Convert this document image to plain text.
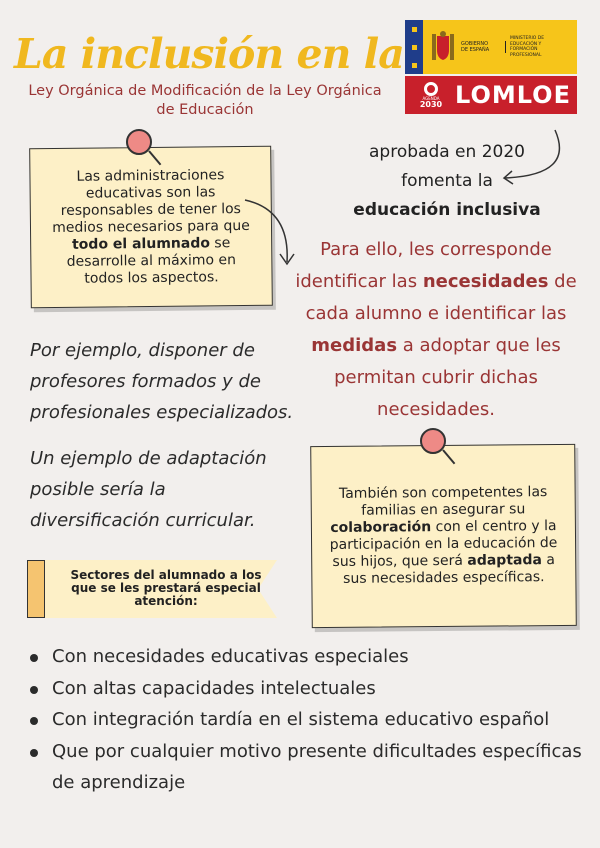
La inclusión en la
Ley Orgánica de Modificación de la Ley Orgánica de Educación
GOBIERNO
DE ESPAÑA
MINISTERIO DE EDUCACIÓN Y FORMACIÓN PROFESIONAL
AGENDA
2030 LOMLOE
Las administraciones educativas son las responsables de tener los medios necesarios para que todo el alumnado se desarrolle al máximo en todos los aspectos.
aprobada en 2020
fomenta la
educación inclusiva
Para ello, les corresponde identificar las necesidades de cada alumno e identificar las medidas a adoptar que les permitan cubrir dichas necesidades.
Por ejemplo, disponer de profesores formados y de profesionales especializados.
Un ejemplo de adaptación posible sería la diversificación curricular.
También son competentes las familias en asegurar su colaboración con el centro y la participación en la educación de sus hijos, que será adaptada a sus necesidades específicas.
Sectores del alumnado a los que se les prestará especial atención:
Con necesidades educativas especiales
Con altas capacidades intelectuales
Con integración tardía en el sistema educativo español
Que por cualquier motivo presente dificultades específicas de aprendizaje
